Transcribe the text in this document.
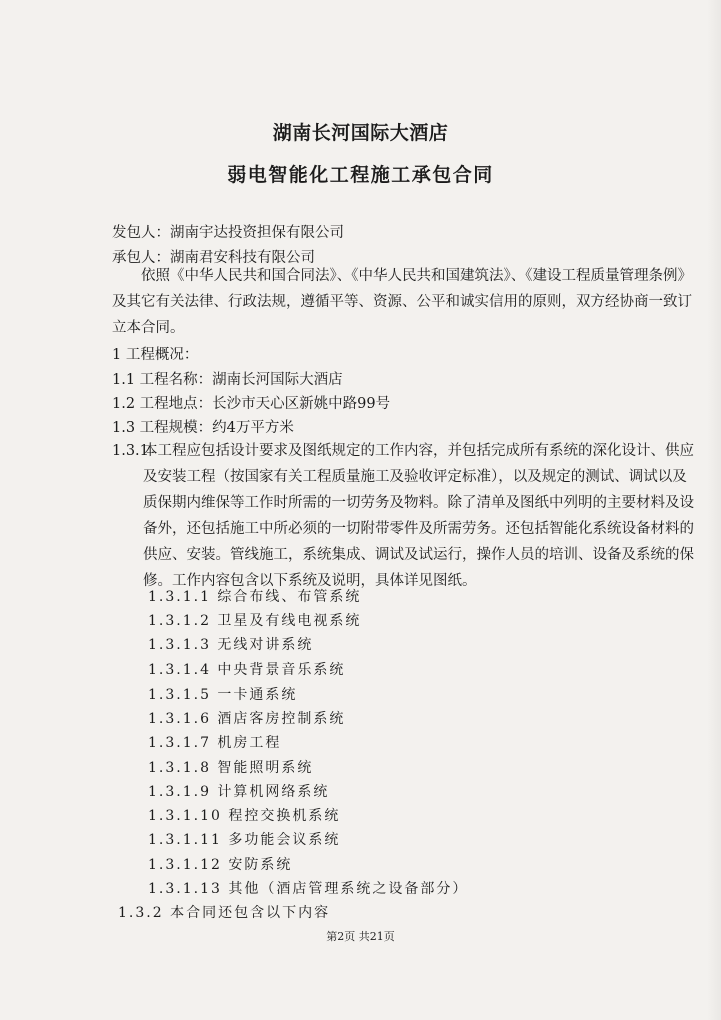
湖南长河国际大酒店
弱电智能化工程施工承包合同
发包人：湖南宇达投资担保有限公司
承包人：湖南君安科技有限公司
依照《中华人民共和国合同法》、《中华人民共和国建筑法》、《建设工程质量管理条例》及其它有关法律、行政法规，遵循平等、资源、公平和诚实信用的原则，双方经协商一致订立本合同。
1 工程概况：
1.1 工程名称：湖南长河国际大酒店
1.2 工程地点：长沙市天心区新姚中路99号
1.3 工程规模：约4万平方米
1.3.1
本工程应包括设计要求及图纸规定的工作内容，并包括完成所有系统的深化设计、供应及安装工程（按国家有关工程质量施工及验收评定标准），以及规定的测试、调试以及质保期内维保等工作时所需的一切劳务及物料。除了清单及图纸中列明的主要材料及设备外，还包括施工中所必须的一切附带零件及所需劳务。还包括智能化系统设备材料的供应、安装。管线施工，系统集成、调试及试运行，操作人员的培训、设备及系统的保修。工作内容包含以下系统及说明，具体详见图纸。
1.3.1.1 综合布线、布管系统
1.3.1.2 卫星及有线电视系统
1.3.1.3 无线对讲系统
1.3.1.4 中央背景音乐系统
1.3.1.5 一卡通系统
1.3.1.6 酒店客房控制系统
1.3.1.7 机房工程
1.3.1.8 智能照明系统
1.3.1.9 计算机网络系统
1.3.1.10 程控交换机系统
1.3.1.11 多功能会议系统
1.3.1.12 安防系统
1.3.1.13 其他（酒店管理系统之设备部分）
1.3.2 本合同还包含以下内容
第2页 共21页
